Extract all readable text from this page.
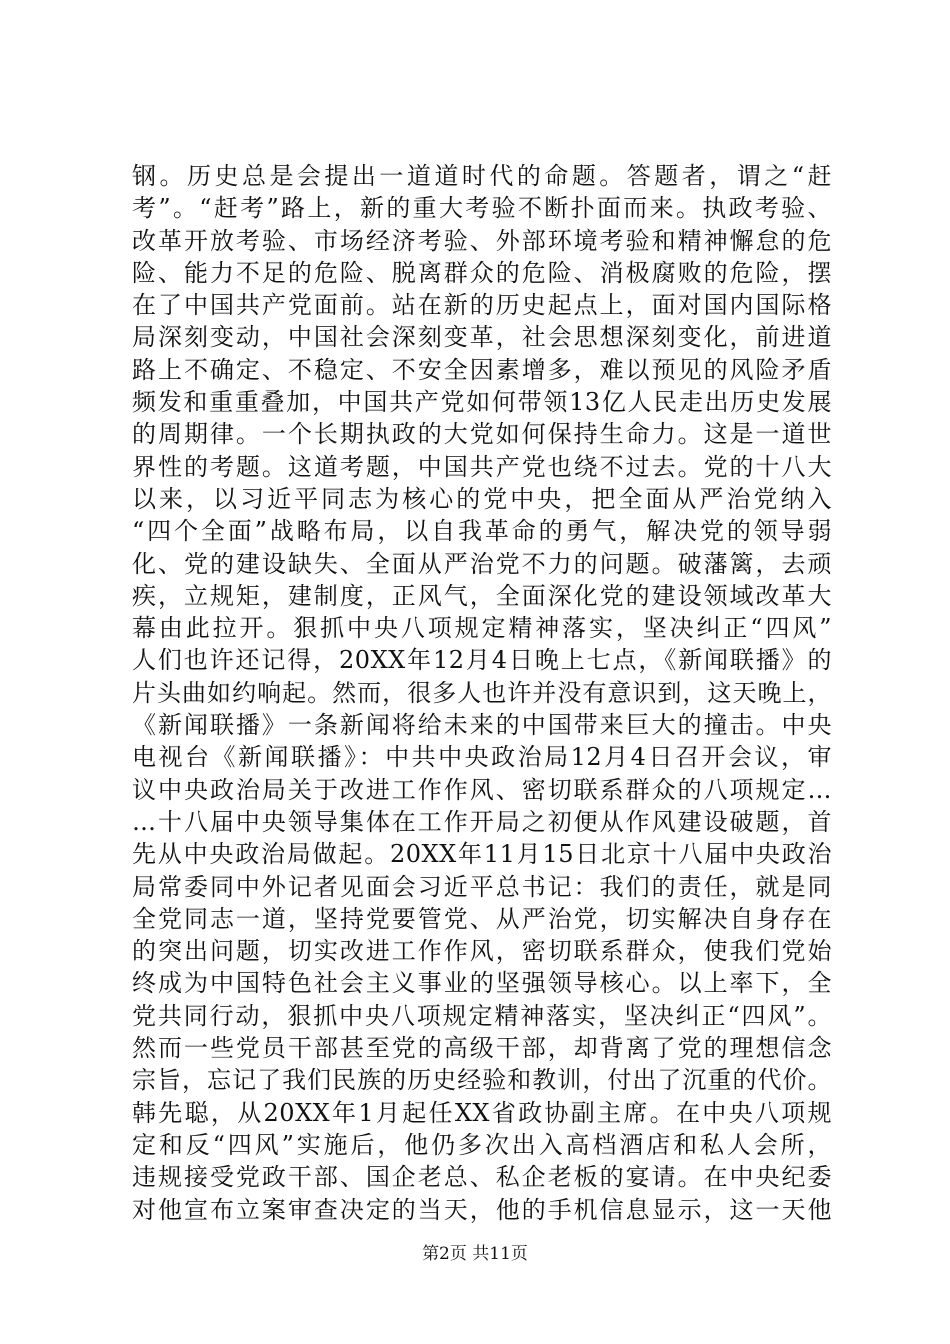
钢。历史总是会提出一道道时代的命题。答题者，谓之“赶
考”。“赶考”路上，新的重大考验不断扑面而来。执政考验、
改革开放考验、市场经济考验、外部环境考验和精神懈怠的危
险、能力不足的危险、脱离群众的危险、消极腐败的危险，摆
在了中国共产党面前。站在新的历史起点上，面对国内国际格
局深刻变动，中国社会深刻变革，社会思想深刻变化，前进道
路上不确定、不稳定、不安全因素增多，难以预见的风险矛盾
频发和重重叠加，中国共产党如何带领13亿人民走出历史发展
的周期律。一个长期执政的大党如何保持生命力。这是一道世
界性的考题。这道考题，中国共产党也绕不过去。党的十八大
以来，以习近平同志为核心的党中央，把全面从严治党纳入
“四个全面”战略布局，以自我革命的勇气，解决党的领导弱
化、党的建设缺失、全面从严治党不力的问题。破藩篱，去顽
疾，立规矩，建制度，正风气，全面深化党的建设领域改革大
幕由此拉开。狠抓中央八项规定精神落实，坚决纠正“四风”
人们也许还记得，20XX年12月4日晚上七点，《新闻联播》的
片头曲如约响起。然而，很多人也许并没有意识到，这天晚上，
《新闻联播》一条新闻将给未来的中国带来巨大的撞击。中央
电视台《新闻联播》：中共中央政治局12月4日召开会议，审
议中央政治局关于改进工作作风、密切联系群众的八项规定…
…十八届中央领导集体在工作开局之初便从作风建设破题，首
先从中央政治局做起。20XX年11月15日北京十八届中央政治
局常委同中外记者见面会习近平总书记：我们的责任，就是同
全党同志一道，坚持党要管党、从严治党，切实解决自身存在
的突出问题，切实改进工作作风，密切联系群众，使我们党始
终成为中国特色社会主义事业的坚强领导核心。以上率下，全
党共同行动，狠抓中央八项规定精神落实，坚决纠正“四风”。
然而一些党员干部甚至党的高级干部，却背离了党的理想信念
宗旨，忘记了我们民族的历史经验和教训，付出了沉重的代价。
韩先聪，从20XX年1月起任XX省政协副主席。在中央八项规
定和反“四风”实施后，他仍多次出入高档酒店和私人会所，
违规接受党政干部、国企老总、私企老板的宴请。在中央纪委
对他宣布立案审查决定的当天，他的手机信息显示，这一天他
第2页 共11页
